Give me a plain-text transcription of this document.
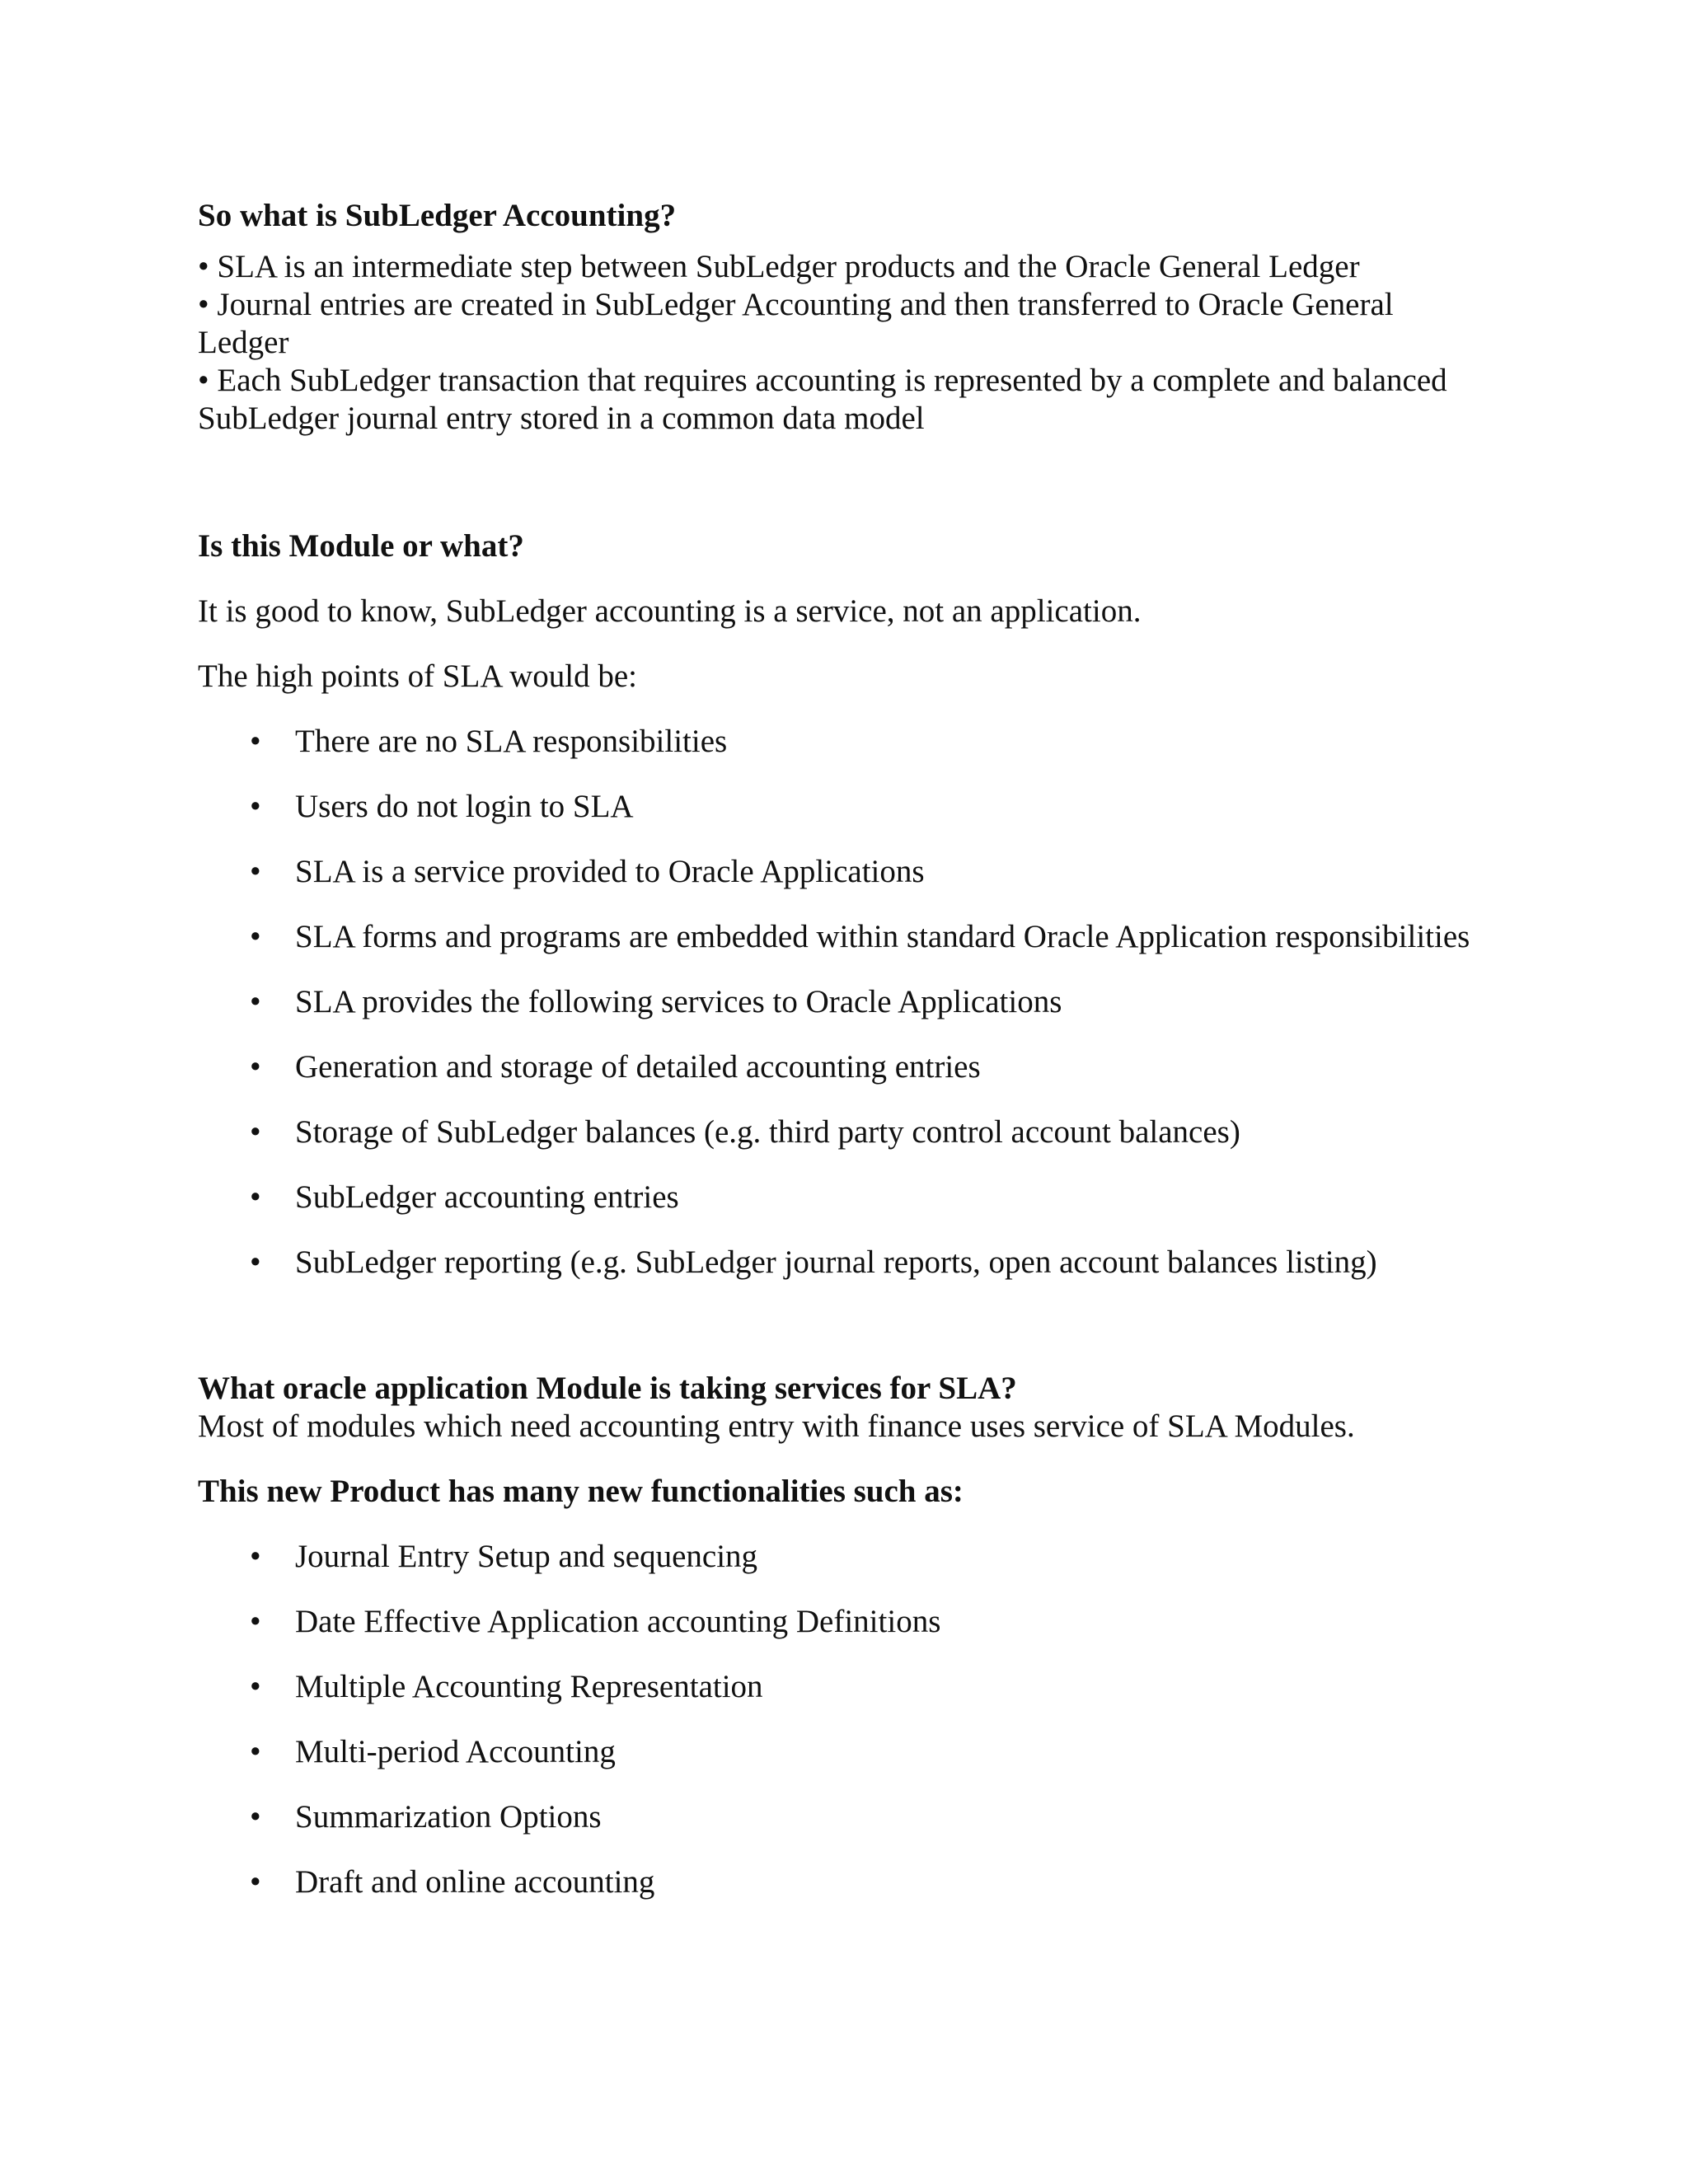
So what is SubLedger Accounting?

• SLA is an intermediate step between SubLedger products and the Oracle General Ledger

• Journal entries are created in SubLedger Accounting and then transferred to Oracle General

Ledger

• Each SubLedger transaction that requires accounting is represented by a complete and balanced

SubLedger journal entry stored in a common data model

Is this Module or what?

It is good to know, SubLedger accounting is a service, not an application.

The high points of SLA would be:

• There are no SLA responsibilities
• Users do not login to SLA
• SLA is a service provided to Oracle Applications
• SLA forms and programs are embedded within standard Oracle Application responsibilities
• SLA provides the following services to Oracle Applications
• Generation and storage of detailed accounting entries
• Storage of SubLedger balances (e.g. third party control account balances)
• SubLedger accounting entries
• SubLedger reporting (e.g. SubLedger journal reports, open account balances listing)

What oracle application Module is taking services for SLA?

Most of modules which need accounting entry with finance uses service of SLA Modules.

This new Product has many new functionalities such as:

• Journal Entry Setup and sequencing
• Date Effective Application accounting Definitions
• Multiple Accounting Representation
• Multi-period Accounting
• Summarization Options
• Draft and online accounting
